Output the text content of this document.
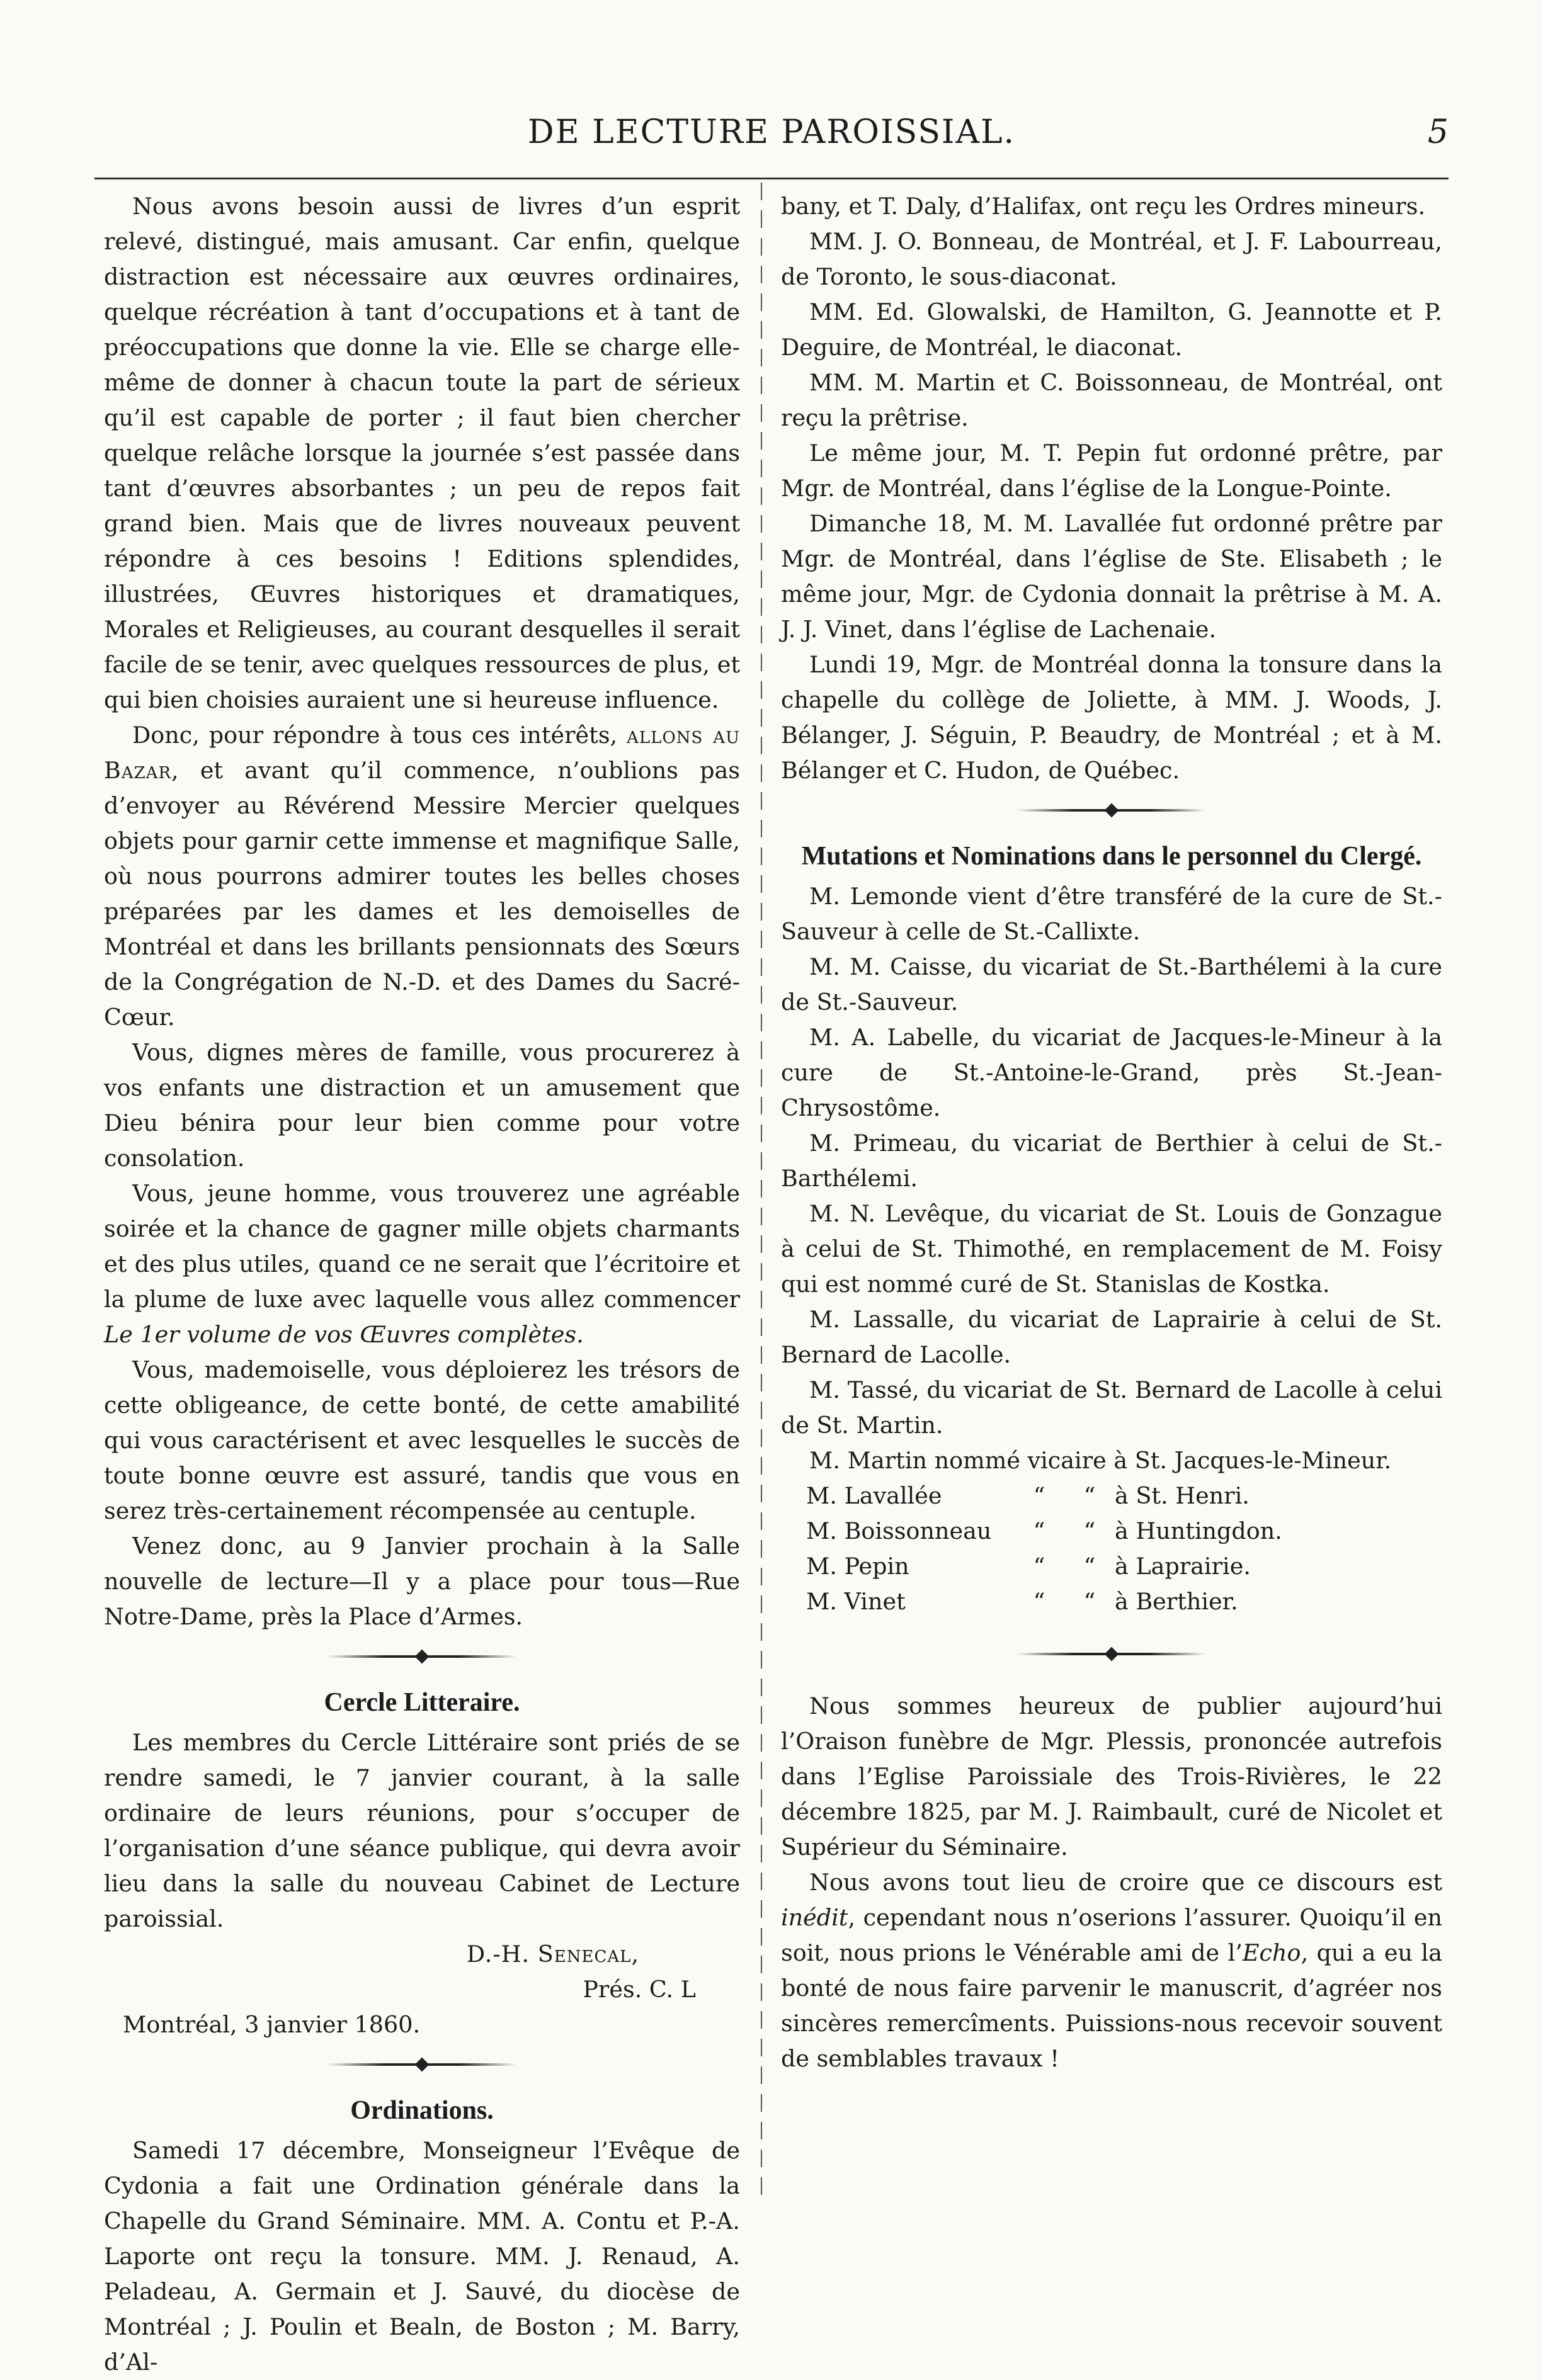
DE LECTURE PAROISSIAL.	5

Nous avons besoin aussi de livres d’un esprit relevé, distingué, mais amusant. Car enfin, quelque distraction est nécessaire aux œuvres ordinaires, quelque récréation à tant d’occupations et à tant de préoccupations que donne la vie. Elle se charge elle-même de donner à chacun toute la part de sérieux qu’il est capable de porter ; il faut bien chercher quelque relâche lorsque la journée s’est passée dans tant d’œuvres absorbantes ; un peu de repos fait grand bien. Mais que de livres nouveaux peuvent répondre à ces besoins ! Editions splendides, illustrées, Œuvres historiques et dramatiques, Morales et Religieuses, au courant desquelles il serait facile de se tenir, avec quelques ressources de plus, et qui bien choisies auraient une si heureuse influence.

Donc, pour répondre à tous ces intérêts, allons au Bazar, et avant qu’il commence, n’oublions pas d’envoyer au Révérend Messire Mercier quelques objets pour garnir cette immense et magnifique Salle, où nous pourrons admirer toutes les belles choses préparées par les dames et les demoiselles de Montréal et dans les brillants pensionnats des Sœurs de la Congrégation de N.-D. et des Dames du Sacré-Cœur.

Vous, dignes mères de famille, vous procurerez à vos enfants une distraction et un amusement que Dieu bénira pour leur bien comme pour votre consolation.

Vous, jeune homme, vous trouverez une agréable soirée et la chance de gagner mille objets charmants et des plus utiles, quand ce ne serait que l’écritoire et la plume de luxe avec laquelle vous allez commencer Le 1er volume de vos Œuvres complètes.

Vous, mademoiselle, vous déploierez les trésors de cette obligeance, de cette bonté, de cette amabilité qui vous caractérisent et avec lesquelles le succès de toute bonne œuvre est assuré, tandis que vous en serez très-certainement récompensée au centuple.

Venez donc, au 9 Janvier prochain à la Salle nouvelle de lecture—Il y a place pour tous—Rue Notre-Dame, près la Place d’Armes.

Cercle Litteraire.

Les membres du Cercle Littéraire sont priés de se rendre samedi, le 7 janvier courant, à la salle ordinaire de leurs réunions, pour s’occuper de l’organisation d’une séance publique, qui devra avoir lieu dans la salle du nouveau Cabinet de Lecture paroissial.

D.-H. Senecal,

Prés. C. L

Montréal, 3 janvier 1860.

Ordinations.

Samedi 17 décembre, Monseigneur l’Evêque de Cydonia a fait une Ordination générale dans la Chapelle du Grand Séminaire. MM. A. Contu et P.-A. Laporte ont reçu la tonsure. MM. J. Renaud, A. Peladeau, A. Germain et J. Sauvé, du diocèse de Montréal ; J. Poulin et Bealn, de Boston ; M. Barry, d’Al-

bany, et T. Daly, d’Halifax, ont reçu les Ordres mineurs.

MM. J. O. Bonneau, de Montréal, et J. F. Labourreau, de Toronto, le sous-diaconat.

MM. Ed. Glowalski, de Hamilton, G. Jeannotte et P. Deguire, de Montréal, le diaconat.

MM. M. Martin et C. Boissonneau, de Montréal, ont reçu la prêtrise.

Le même jour, M. T. Pepin fut ordonné prêtre, par Mgr. de Montréal, dans l’église de la Longue-Pointe.

Dimanche 18, M. M. Lavallée fut ordonné prêtre par Mgr. de Montréal, dans l’église de Ste. Elisabeth ; le même jour, Mgr. de Cydonia donnait la prêtrise à M. A. J. J. Vinet, dans l’église de Lachenaie.

Lundi 19, Mgr. de Montréal donna la tonsure dans la chapelle du collège de Joliette, à MM. J. Woods, J. Bélanger, J. Séguin, P. Beaudry, de Montréal ; et à M. Bélanger et C. Hudon, de Québec.

Mutations et Nominations dans le personnel du Clergé.

M. Lemonde vient d’être transféré de la cure de St.-Sauveur à celle de St.-Callixte.

M. M. Caisse, du vicariat de St.-Barthélemi à la cure de St.-Sauveur.

M. A. Labelle, du vicariat de Jacques-le-Mineur à la cure de St.-Antoine-le-Grand, près St.-Jean-Chrysostôme.

M. Primeau, du vicariat de Berthier à celui de St.-Barthélemi.

M. N. Levêque, du vicariat de St. Louis de Gonzague à celui de St. Thimothé, en remplacement de M. Foisy qui est nommé curé de St. Stanislas de Kostka.

M. Lassalle, du vicariat de Laprairie à celui de St. Bernard de Lacolle.

M. Tassé, du vicariat de St. Bernard de Lacolle à celui de St. Martin.

M. Martin nommé vicaire à St. Jacques-le-Mineur.

M. Lavallée	“	“ à St. Henri.
M. Boissonneau	“	“ à Huntingdon.
M. Pepin	“	“ à Laprairie.
M. Vinet	“	“ à Berthier.

Nous sommes heureux de publier aujourd’hui l’Oraison funèbre de Mgr. Plessis, prononcée autrefois dans l’Eglise Paroissiale des Trois-Rivières, le 22 décembre 1825, par M. J. Raimbault, curé de Nicolet et Supérieur du Séminaire.

Nous avons tout lieu de croire que ce discours est inédit, cependant nous n’oserions l’assurer. Quoiqu’il en soit, nous prions le Vénérable ami de l’Echo, qui a eu la bonté de nous faire parvenir le manuscrit, d’agréer nos sincères remercîments. Puissions-nous recevoir souvent de semblables travaux !
